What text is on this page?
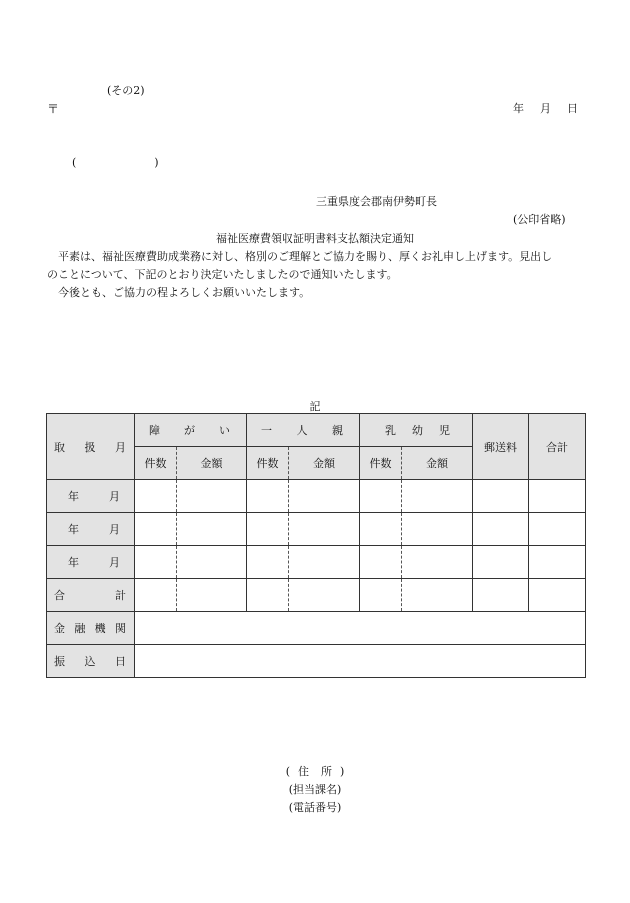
(その2)
〒	年 月 日
(	)
三重県度会郡南伊勢町長
(公印省略)
福祉医療費領収証明書料支払額決定通知

平素は、福祉医療費助成業務に対し、格別のご理解とご協力を賜り、厚くお礼申し上げます。見出し

のことについて、下記のとおり決定いたしましたので通知いたします。

今後とも、ご協力の程よろしくお願いいたします。

記
取 扱 月	障 が い		一 人 親		乳 幼 児		郵送料	合計
	件数	金額	件数	金額	件数	金額		

年 月								

年 月								

年 月								

合 計								

金 融 機 関								

振 込 日								

( 住 所 )
(担当課名)
(電話番号)
